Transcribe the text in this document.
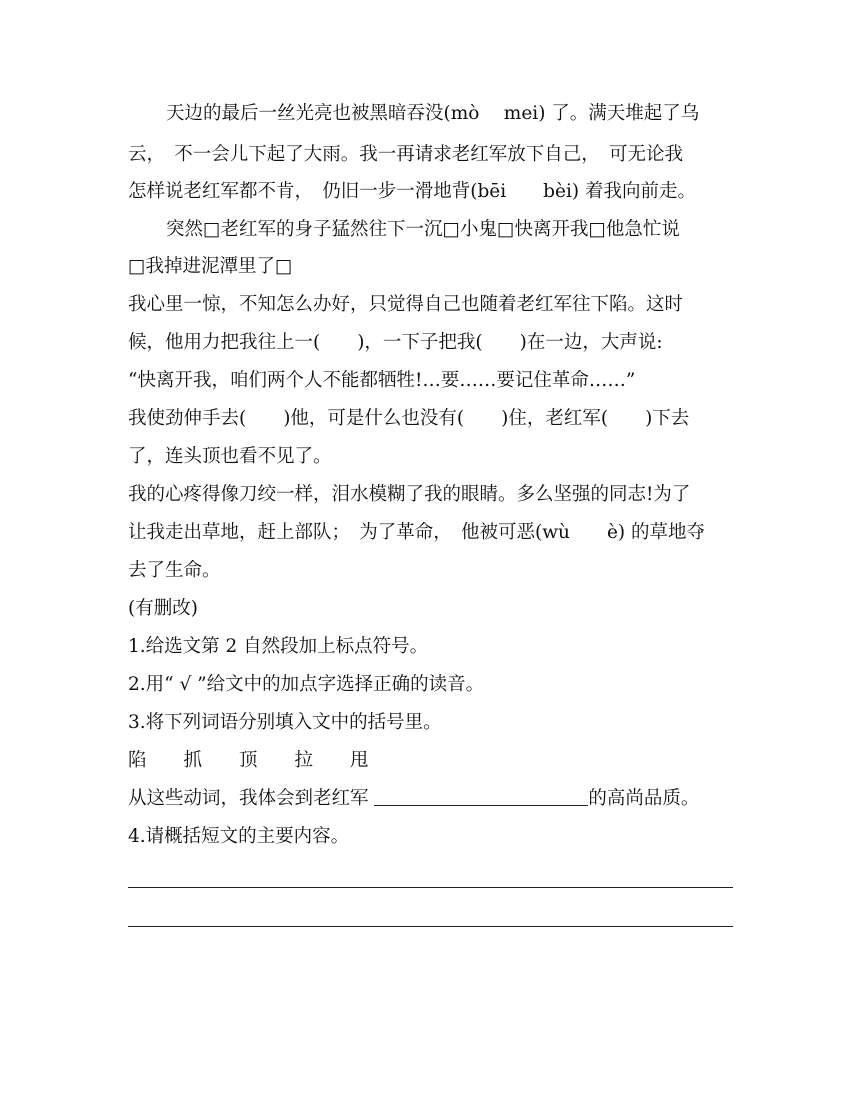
天边的最后一丝光亮也被黑暗吞没(mò　 mei) 了。满天堆起了乌
云，　不一会儿下起了大雨。我一再请求老红军放下自己，　可无论我
怎样说老红军都不肯，　仍旧一步一滑地背(bēi　　bèi) 着我向前走。
突然□老红军的身子猛然往下一沉□小鬼□快离开我□他急忙说
□我掉进泥潭里了□
我心里一惊，不知怎么办好，只觉得自己也随着老红军往下陷。这时
候，他用力把我往上一(　　)，一下子把我(　　)在一边，大声说:
“快离开我，咱们两个人不能都牺牲!…要……要记住革命……”
我使劲伸手去(　　)他，可是什么也没有(　　)住，老红军(　　)下去
了，连头顶也看不见了。
我的心疼得像刀绞一样，泪水模糊了我的眼睛。多么坚强的同志!为了
让我走出草地，赶上部队；　为了革命，　他被可恶(wù　　è) 的草地夺
去了生命。
(有删改)
1.给选文第 2 自然段加上标点符号。
2.用“ √ ”给文中的加点字选择正确的读音。
3.将下列词语分别填入文中的括号里。
陷　　抓　　顶　　拉　　甩
从这些动词，我体会到老红军	的高尚品质。
4.请概括短文的主要内容。
